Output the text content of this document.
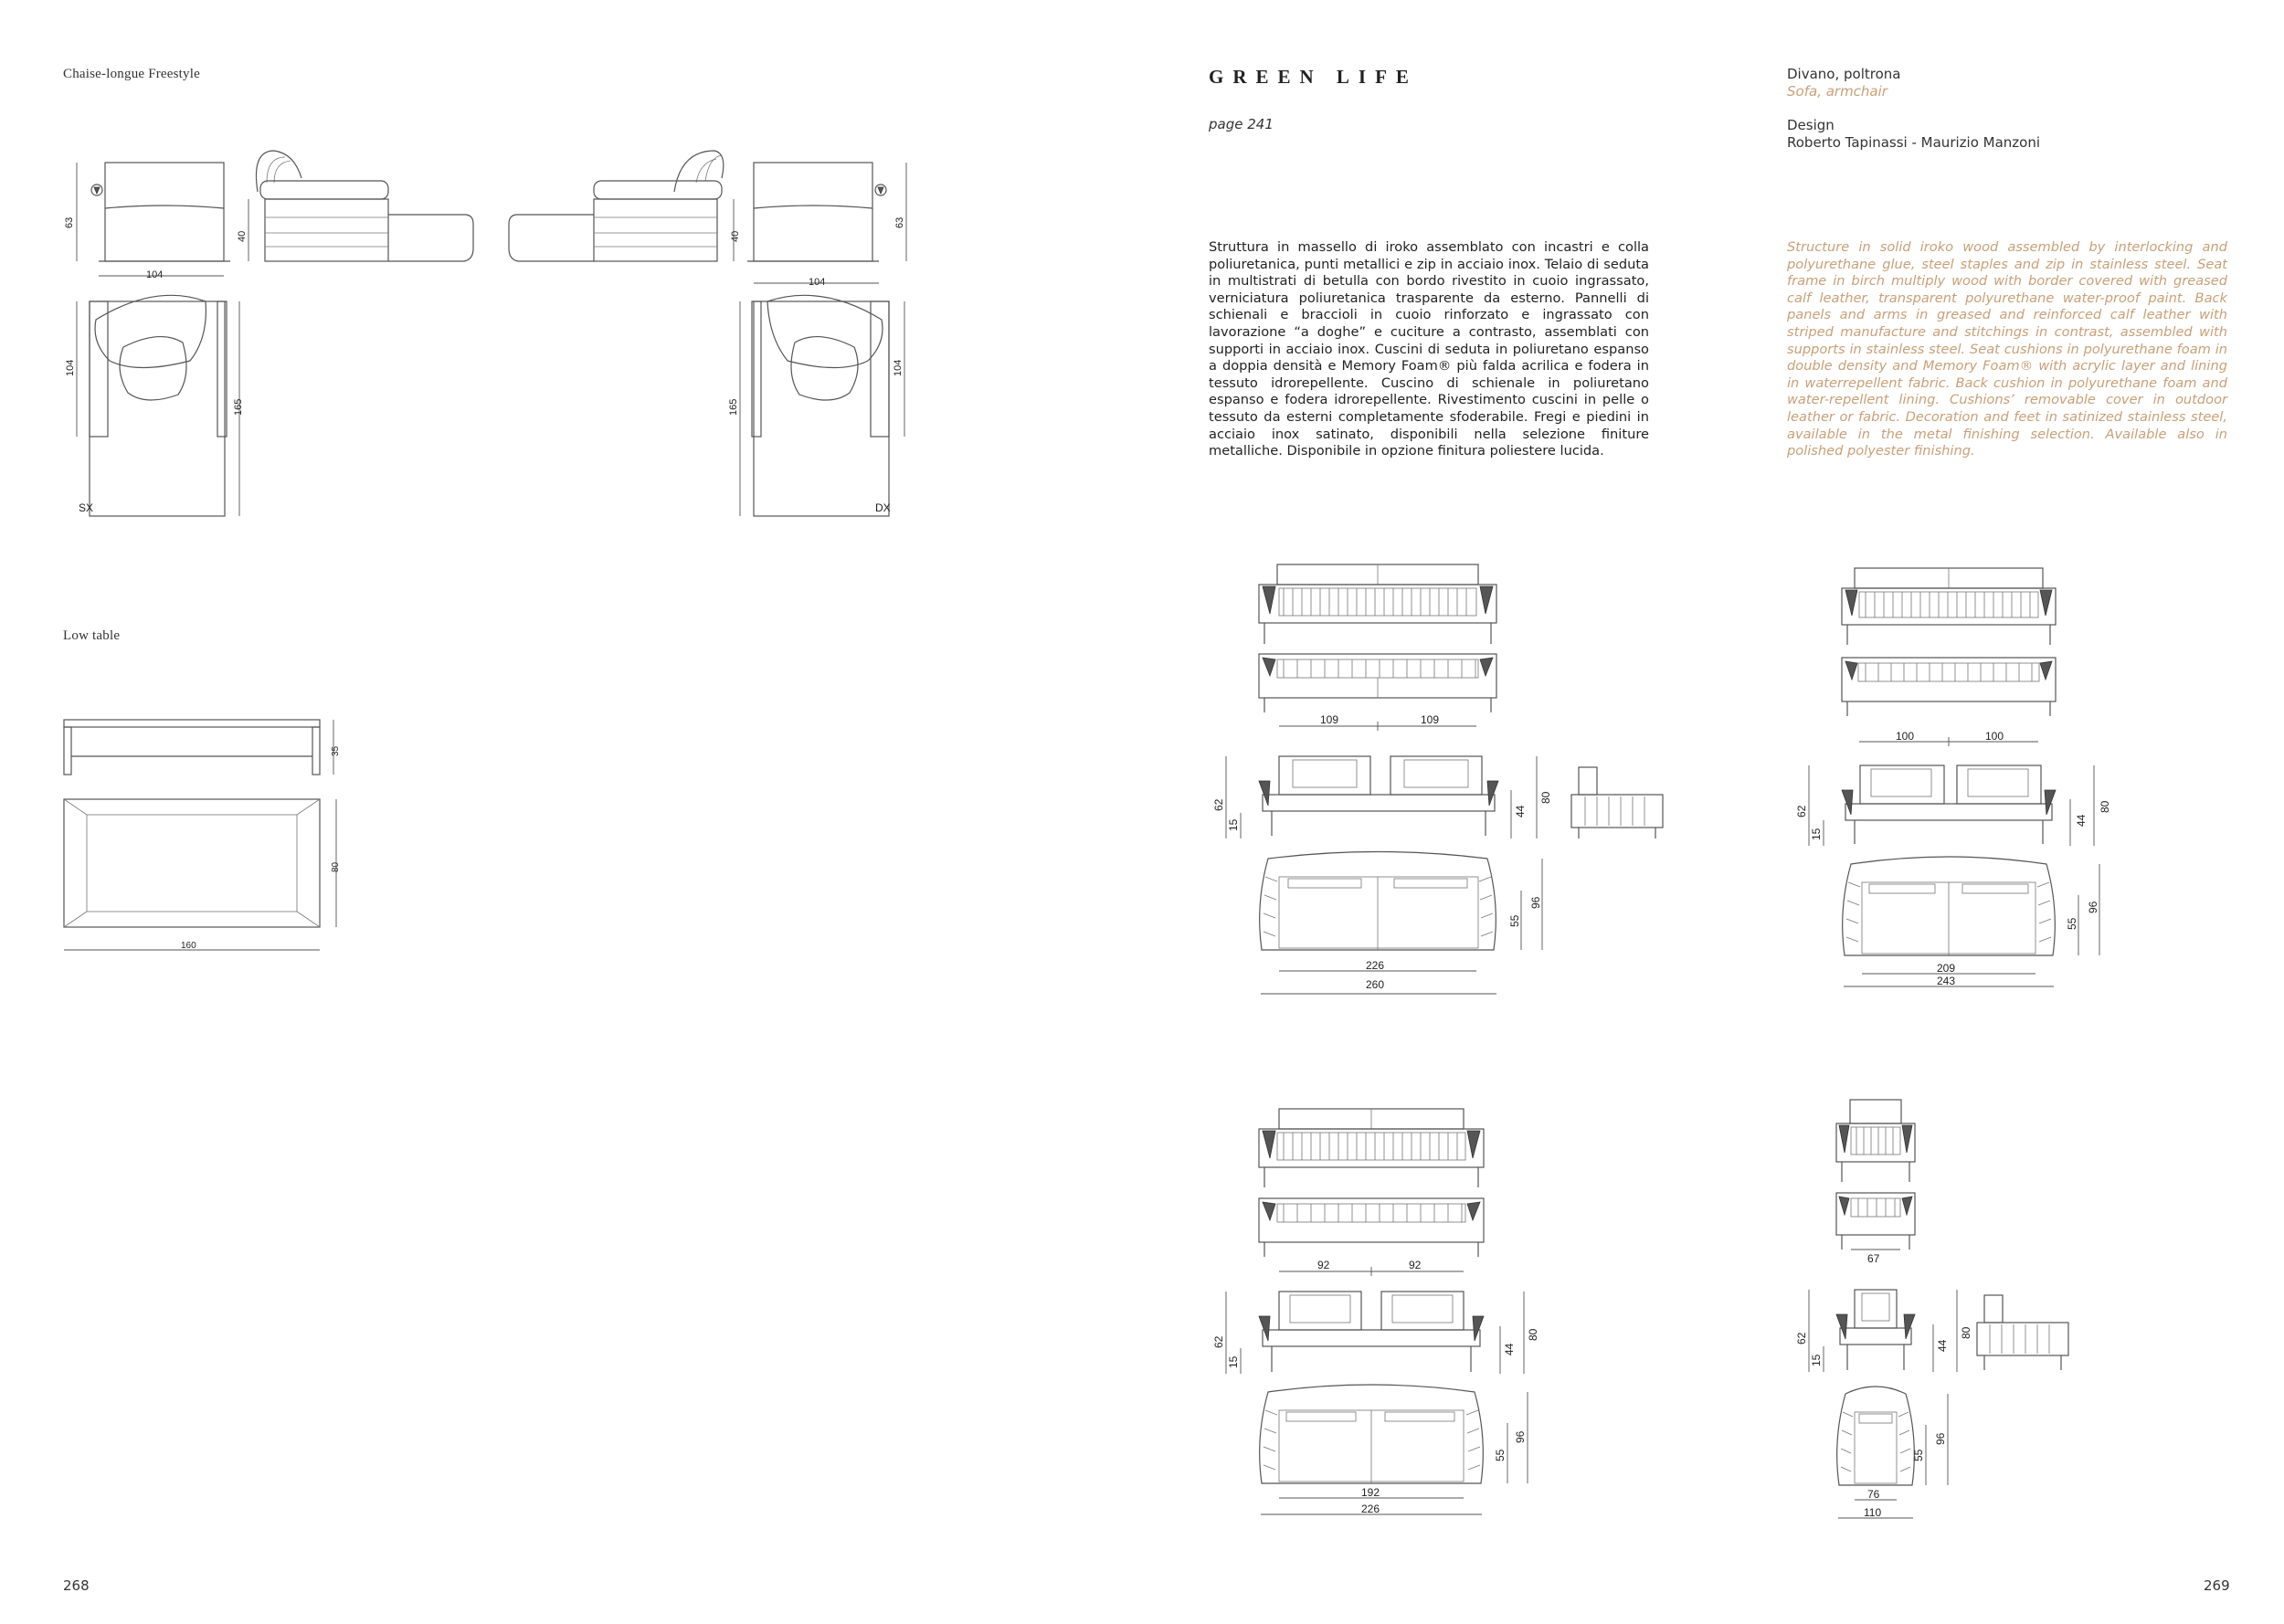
Chaise-longue Freestyle
Low table
268
GREEN LIFE
page 241
Divano, poltrona
Sofa, armchair
Design
Roberto Tapinassi - Maurizio Manzoni
Struttura in massello di iroko assemblato con incastri e colla poliuretanica, punti metallici e zip in acciaio inox. Telaio di seduta in multistrati di betulla con bordo rivestito in cuoio ingrassato, verniciatura poliuretanica trasparente da esterno. Pannelli di schienali e braccioli in cuoio rinforzato e ingrassato con lavorazione “a doghe” e cuciture a contrasto, assemblati con supporti in acciaio inox. Cuscini di seduta in poliuretano espanso a doppia densità e Memory Foam® più falda acrilica e fodera in tessuto idrorepellente. Cuscino di schienale in poliuretano espanso e fodera idrorepellente. Rivestimento cuscini in pelle o tessuto da esterni completamente sfoderabile. Fregi e piedini in acciaio inox satinato, disponibili nella selezione finiture metalliche. Disponibile in opzione finitura poliestere lucida.
Structure in solid iroko wood assembled by interlocking and polyurethane glue, steel staples and zip in stainless steel. Seat frame in birch multiply wood with border covered with greased calf leather, transparent polyurethane water-proof paint. Back panels and arms in greased and reinforced calf leather with striped manufacture and stitchings in contrast, assembled with supports in stainless steel. Seat cushions in polyurethane foam in double density and Memory Foam® with acrylic layer and lining in waterrepellent fabric. Back cushion in polyurethane foam and water-repellent lining. Cushions’ removable cover in outdoor leather or fabric. Decoration and feet in satinized stainless steel, available in the metal finishing selection. Available also in polished polyester finishing.
269
63
104
40	40
63
104
104
165
SX
104
165
DX
35
80
160
109	109
62
15
44
80
55
96
226
260
100	100
62
15
44
80
55
96
209
243
92	92
62
15
44
80
55
96
192
226
67
62
15
44
80
55
96
76
110
